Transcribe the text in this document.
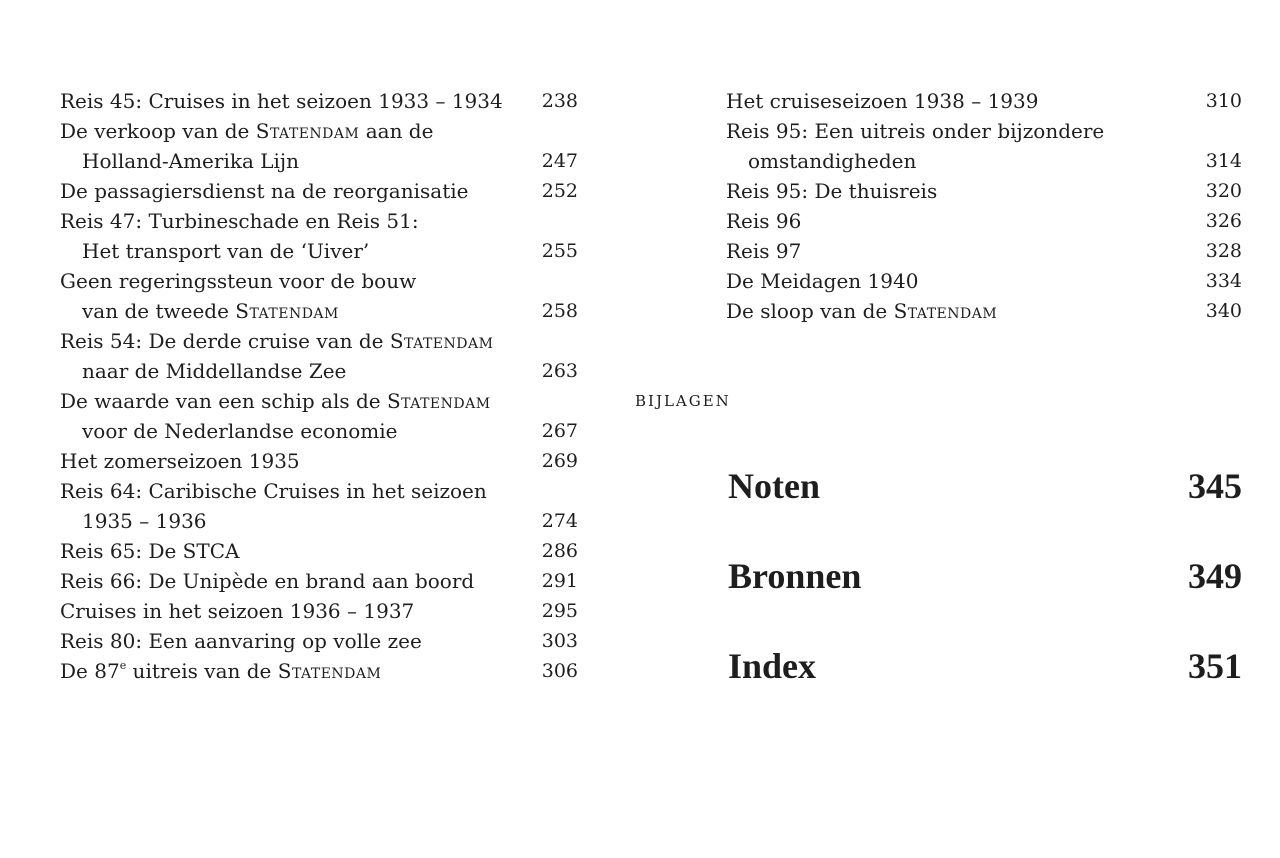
Reis 45: Cruises in het seizoen 1933 – 1934	238
De verkoop van de Statendam aan de
Holland-Amerika Lijn	247
De passagiersdienst na de reorganisatie	252
Reis 47: Turbineschade en Reis 51:
Het transport van de ‘Uiver’	255
Geen regeringssteun voor de bouw
van de tweede Statendam	258
Reis 54: De derde cruise van de Statendam
naar de Middellandse Zee	263
De waarde van een schip als de Statendam
voor de Nederlandse economie	267
Het zomerseizoen 1935	269
Reis 64: Caribische Cruises in het seizoen
1935 – 1936	274
Reis 65: De STCA	286
Reis 66: De Unipède en brand aan boord	291
Cruises in het seizoen 1936 – 1937	295
Reis 80: Een aanvaring op volle zee	303
De 87e uitreis van de Statendam	306
Het cruiseseizoen 1938 – 1939	310
Reis 95: Een uitreis onder bijzondere
omstandigheden	314
Reis 95: De thuisreis	320
Reis 96	326
Reis 97	328
De Meidagen 1940	334
De sloop van de Statendam	340
BIJLAGEN
Noten	345
Bronnen	349
Index	351
